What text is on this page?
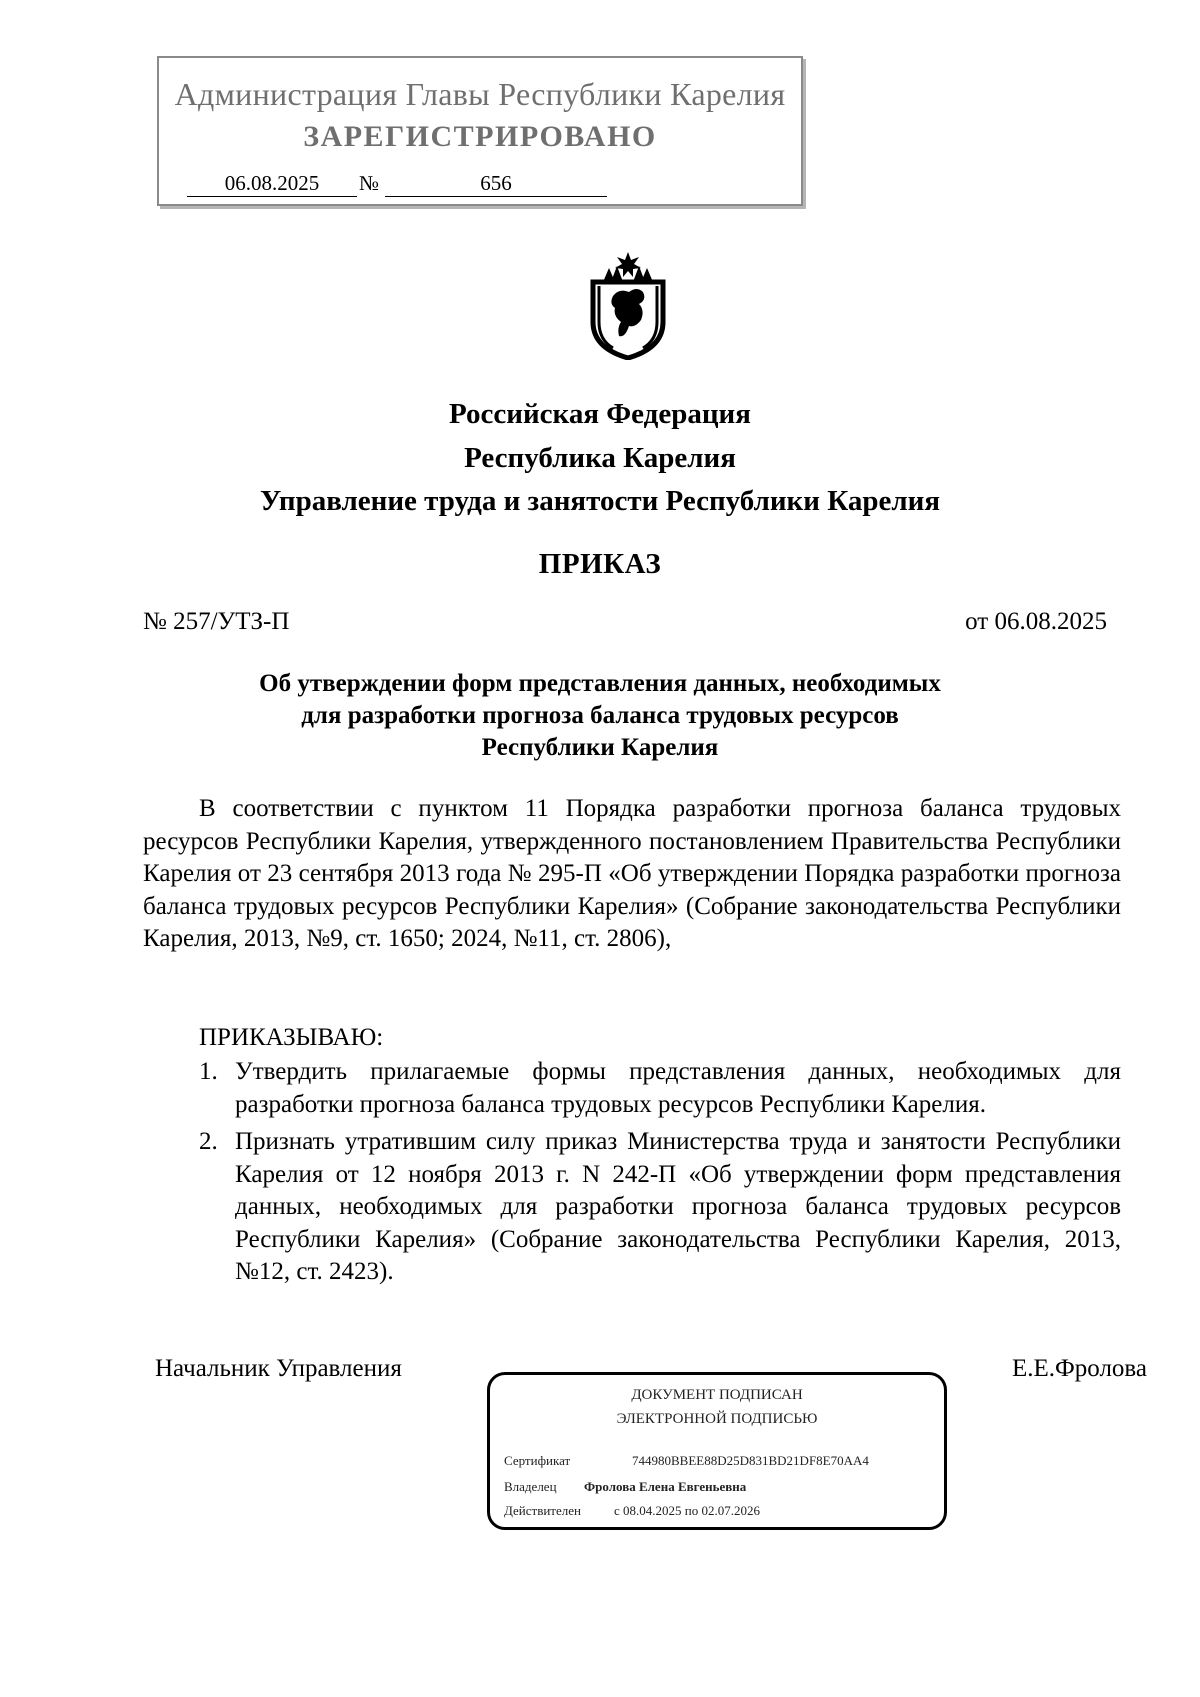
Администрация Главы Республики Карелия
ЗАРЕГИСТРИРОВАНО
06.08.2025	№	656
Российская Федерация
Республика Карелия
Управление труда и занятости Республики Карелия
ПРИКАЗ
№ 257/УТЗ-П	от 06.08.2025
Об утверждении форм представления данных, необходимых
для разработки прогноза баланса трудовых ресурсов
Республики Карелия
В соответствии с пунктом 11 Порядка разработки прогноза баланса трудовых ресурсов Республики Карелия, утвержденного постановлением Правительства Республики Карелия от 23 сентября 2013 года № 295-П «Об утверждении Порядка разработки прогноза баланса трудовых ресурсов Республики Карелия» (Собрание законодательства Республики Карелия, 2013, №9, ст. 1650; 2024, №11, ст. 2806),
ПРИКАЗЫВАЮ:
1. Утвердить прилагаемые формы представления данных, необходимых для разработки прогноза баланса трудовых ресурсов Республики Карелия.
2. Признать утратившим силу приказ Министерства труда и занятости Республики Карелия от 12 ноября 2013 г. N 242-П «Об утверждении форм представления данных, необходимых для разработки прогноза баланса трудовых ресурсов Республики Карелия» (Собрание законодательства Республики Карелия, 2013, №12, ст. 2423).
Начальник Управления	Е.Е.Фролова
ДОКУМЕНТ ПОДПИСАН
ЭЛЕКТРОННОЙ ПОДПИСЬЮ
Сертификат	744980BBEE88D25D831BD21DF8E70AA4
Владелец Фролова Елена Евгеньевна
Действителен	с 08.04.2025 по 02.07.2026
